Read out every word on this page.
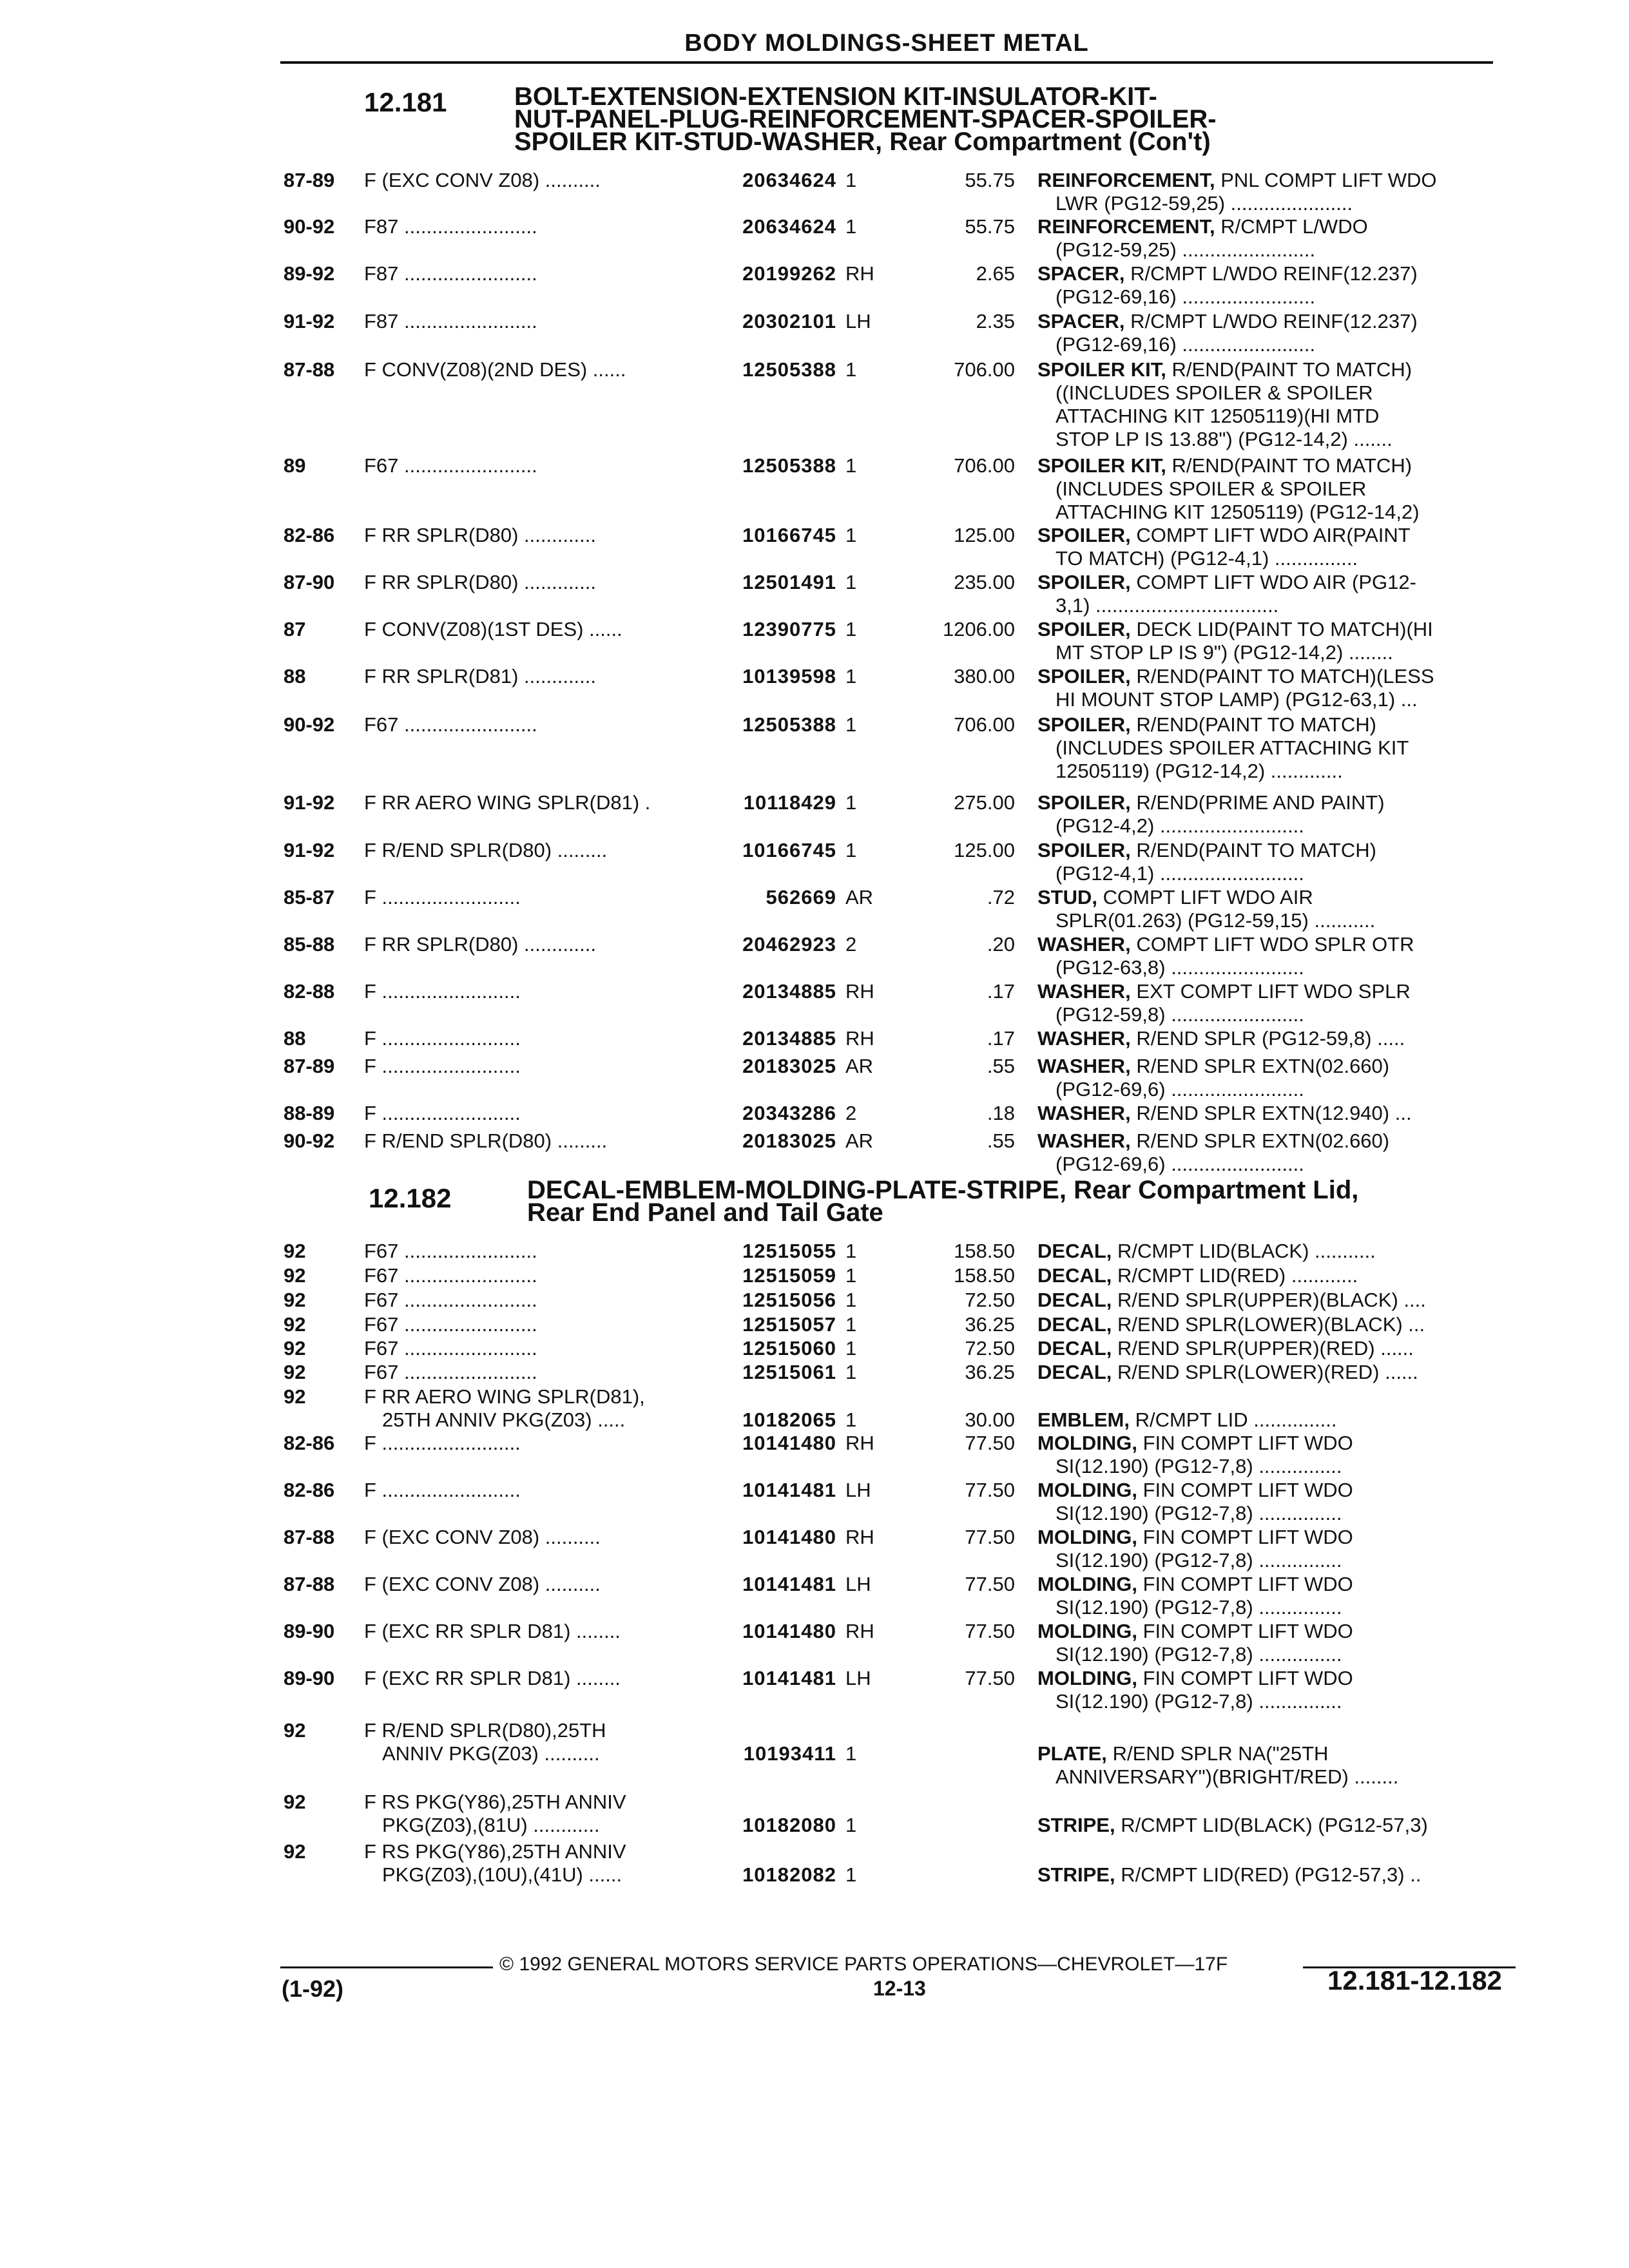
BODY MOLDINGS-SHEET METAL
12.181	BOLT-EXTENSION-EXTENSION KIT-INSULATOR-KIT-
NUT-PANEL-PLUG-REINFORCEMENT-SPACER-SPOILER-
SPOILER KIT-STUD-WASHER, Rear Compartment (Con't)
87-89 F (EXC CONV Z08) ..........	20634624 1	55.75 REINFORCEMENT, PNL COMPT LIFT WDO
LWR (PG12-59,25) ......................
90-92 F87 ........................	20634624 1	55.75 REINFORCEMENT, R/CMPT L/WDO
(PG12-59,25) ........................
89-92 F87 ........................	20199262 RH	2.65 SPACER, R/CMPT L/WDO REINF(12.237)
(PG12-69,16) ........................
91-92 F87 ........................	20302101 LH	2.35 SPACER, R/CMPT L/WDO REINF(12.237)
(PG12-69,16) ........................
87-88 F CONV(Z08)(2ND DES) ......	12505388 1	706.00 SPOILER KIT, R/END(PAINT TO MATCH)
((INCLUDES SPOILER & SPOILER
ATTACHING KIT 12505119)(HI MTD
STOP LP IS 13.88") (PG12-14,2) .......
89	F67 ........................	12505388 1	706.00 SPOILER KIT, R/END(PAINT TO MATCH)
(INCLUDES SPOILER & SPOILER
ATTACHING KIT 12505119) (PG12-14,2)
82-86 F RR SPLR(D80) .............	10166745 1	125.00 SPOILER, COMPT LIFT WDO AIR(PAINT
TO MATCH) (PG12-4,1) ...............
87-90 F RR SPLR(D80) .............	12501491 1	235.00 SPOILER, COMPT LIFT WDO AIR (PG12-
3,1) .................................
87	F CONV(Z08)(1ST DES) ......	12390775 1	1206.00 SPOILER, DECK LID(PAINT TO MATCH)(HI
MT STOP LP IS 9") (PG12-14,2) ........
88	F RR SPLR(D81) .............	10139598 1	380.00 SPOILER, R/END(PAINT TO MATCH)(LESS
HI MOUNT STOP LAMP) (PG12-63,1) ...
90-92 F67 ........................	12505388 1	706.00 SPOILER, R/END(PAINT TO MATCH)
(INCLUDES SPOILER ATTACHING KIT
12505119) (PG12-14,2) .............
91-92 F RR AERO WING SPLR(D81) .	10118429 1	275.00 SPOILER, R/END(PRIME AND PAINT)
(PG12-4,2) ..........................
91-92 F R/END SPLR(D80) .........	10166745 1	125.00 SPOILER, R/END(PAINT TO MATCH)
(PG12-4,1) ..........................
85-87 F .........................	562669 AR	.72 STUD, COMPT LIFT WDO AIR
SPLR(01.263) (PG12-59,15) ...........
85-88 F RR SPLR(D80) .............	20462923 2	.20 WASHER, COMPT LIFT WDO SPLR OTR
(PG12-63,8) ........................
82-88 F .........................	20134885 RH	.17 WASHER, EXT COMPT LIFT WDO SPLR
(PG12-59,8) ........................
88	F .........................	20134885 RH	.17 WASHER, R/END SPLR (PG12-59,8) .....
87-89 F .........................	20183025 AR	.55 WASHER, R/END SPLR EXTN(02.660)
(PG12-69,6) ........................
88-89 F .........................	20343286 2	.18 WASHER, R/END SPLR EXTN(12.940) ...
90-92 F R/END SPLR(D80) .........	20183025 AR	.55 WASHER, R/END SPLR EXTN(02.660)
(PG12-69,6) ........................
12.182	DECAL-EMBLEM-MOLDING-PLATE-STRIPE, Rear Compartment Lid,
Rear End Panel and Tail Gate
92	F67 ........................	12515055 1	158.50 DECAL, R/CMPT LID(BLACK) ...........
92	F67 ........................	12515059 1	158.50 DECAL, R/CMPT LID(RED) ............
92	F67 ........................	12515056 1	72.50 DECAL, R/END SPLR(UPPER)(BLACK) ....
92	F67 ........................	12515057 1	36.25 DECAL, R/END SPLR(LOWER)(BLACK) ...
92	F67 ........................	12515060 1	72.50 DECAL, R/END SPLR(UPPER)(RED) ......
92	F67 ........................	12515061 1	36.25 DECAL, R/END SPLR(LOWER)(RED) ......
92	F RR AERO WING SPLR(D81),
25TH ANNIV PKG(Z03) .....	10182065 1	30.00 EMBLEM, R/CMPT LID ...............
82-86 F .........................	10141480 RH	77.50 MOLDING, FIN COMPT LIFT WDO
SI(12.190) (PG12-7,8) ...............
82-86 F .........................	10141481 LH	77.50 MOLDING, FIN COMPT LIFT WDO
SI(12.190) (PG12-7,8) ...............
87-88 F (EXC CONV Z08) ..........	10141480 RH	77.50 MOLDING, FIN COMPT LIFT WDO
SI(12.190) (PG12-7,8) ...............
87-88 F (EXC CONV Z08) ..........	10141481 LH	77.50 MOLDING, FIN COMPT LIFT WDO
SI(12.190) (PG12-7,8) ...............
89-90 F (EXC RR SPLR D81) ........	10141480 RH	77.50 MOLDING, FIN COMPT LIFT WDO
SI(12.190) (PG12-7,8) ...............
89-90 F (EXC RR SPLR D81) ........	10141481 LH	77.50 MOLDING, FIN COMPT LIFT WDO
SI(12.190) (PG12-7,8) ...............
92	F R/END SPLR(D80),25TH
ANNIV PKG(Z03) ..........	10193411 1	PLATE, R/END SPLR NA("25TH
ANNIVERSARY")(BRIGHT/RED) ........
92	F RS PKG(Y86),25TH ANNIV
PKG(Z03),(81U) ............	10182080 1	STRIPE, R/CMPT LID(BLACK) (PG12-57,3)
92	F RS PKG(Y86),25TH ANNIV
PKG(Z03),(10U),(41U) ......	10182082 1	STRIPE, R/CMPT LID(RED) (PG12-57,3) ..
© 1992 GENERAL MOTORS SERVICE PARTS OPERATIONS—CHEVROLET—17F
(1-92)	12-13	12.181-12.182
